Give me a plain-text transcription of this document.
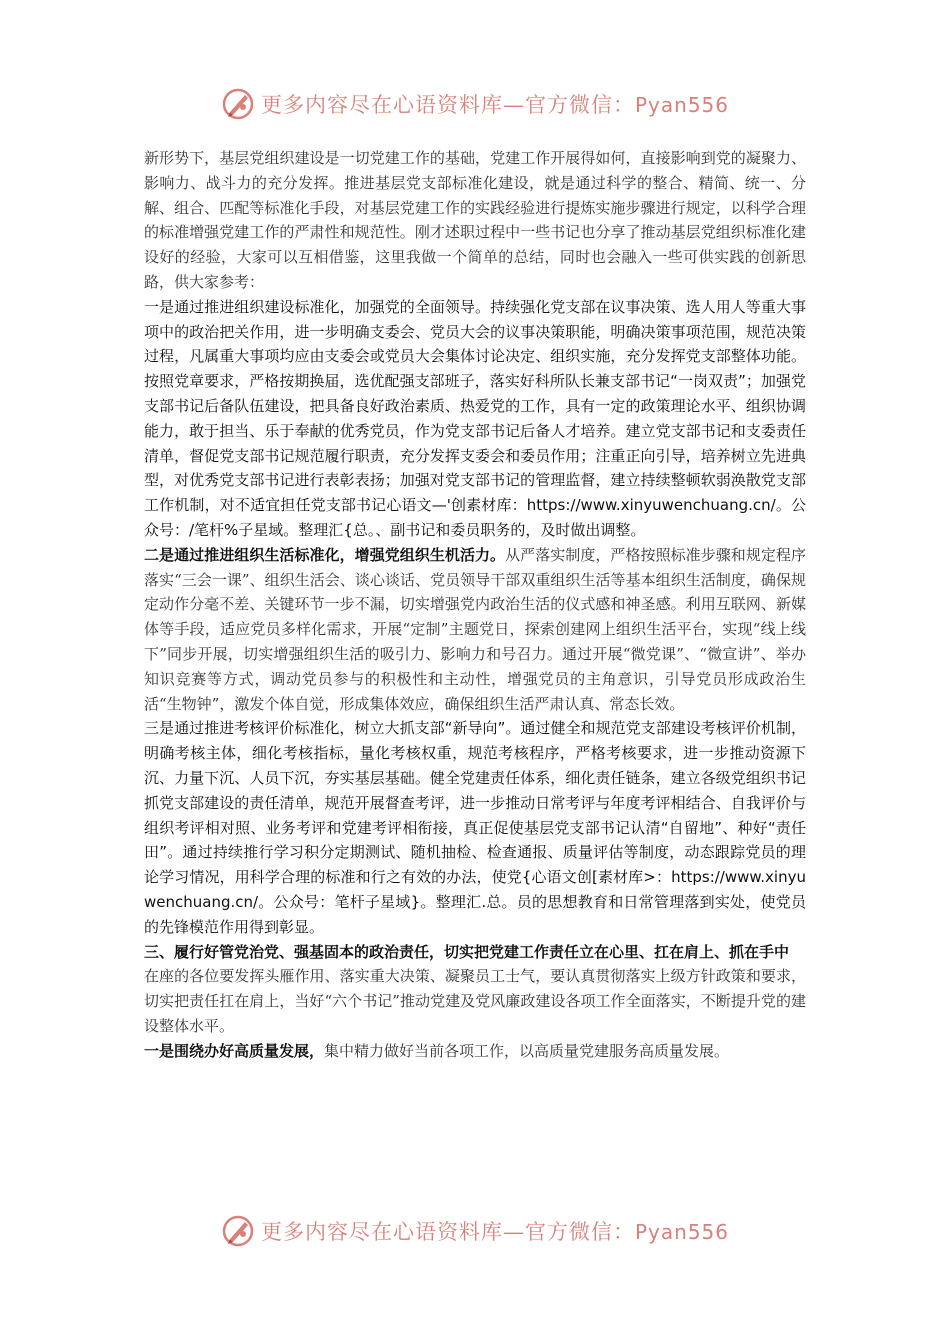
更多内容尽在心语资料库—官方微信：Pyan556

新形势下，基层党组织建设是一切党建工作的基础，党建工作开展得如何，直接影响到党的凝聚力、影响力、战斗力的充分发挥。推进基层党支部标准化建设，就是通过科学的整合、精简、统一、分解、组合、匹配等标准化手段，对基层党建工作的实践经验进行提炼实施步骤进行规定，以科学合理的标准增强党建工作的严肃性和规范性。刚才述职过程中一些书记也分享了推动基层党组织标准化建设好的经验，大家可以互相借鉴，这里我做一个简单的总结，同时也会融入一些可供实践的创新思路，供大家参考：

一是通过推进组织建设标准化，加强党的全面领导。持续强化党支部在议事决策、选人用人等重大事项中的政治把关作用，进一步明确支委会、党员大会的议事决策职能，明确决策事项范围，规范决策过程，凡属重大事项均应由支委会或党员大会集体讨论决定、组织实施，充分发挥党支部整体功能。按照党章要求，严格按期换届，选优配强支部班子，落实好科所队长兼支部书记“一岗双责”；加强党支部书记后备队伍建设，把具备良好政治素质、热爱党的工作，具有一定的政策理论水平、组织协调能力，敢于担当、乐于奉献的优秀党员，作为党支部书记后备人才培养。建立党支部书记和支委责任清单，督促党支部书记规范履行职责，充分发挥支委会和委员作用；注重正向引导，培养树立先进典型，对优秀党支部书记进行表彰表扬；加强对党支部书记的管理监督，建立持续整顿软弱涣散党支部工作机制，对不适宜担任党支部书记心语文—'创素材库：https://www.xinyuwenchuang.cn/。公众号：/笔杆%子星域。整理汇{总。、副书记和委员职务的，及时做出调整。

二是通过推进组织生活标准化，增强党组织生机活力。从严落实制度，严格按照标准步骤和规定程序落实“三会一课”、组织生活会、谈心谈话、党员领导干部双重组织生活等基本组织生活制度，确保规定动作分毫不差、关键环节一步不漏，切实增强党内政治生活的仪式感和神圣感。利用互联网、新媒体等手段，适应党员多样化需求，开展“定制”主题党日，探索创建网上组织生活平台，实现“线上线下”同步开展，切实增强组织生活的吸引力、影响力和号召力。通过开展“微党课”、“微宣讲”、举办知识竞赛等方式，调动党员参与的积极性和主动性，增强党员的主角意识，引导党员形成政治生活“生物钟”，激发个体自觉，形成集体效应，确保组织生活严肃认真、常态长效。

三是通过推进考核评价标准化，树立大抓支部“新导向”。通过健全和规范党支部建设考核评价机制，明确考核主体，细化考核指标，量化考核权重，规范考核程序，严格考核要求，进一步推动资源下沉、力量下沉、人员下沉，夯实基层基础。健全党建责任体系，细化责任链条，建立各级党组织书记抓党支部建设的责任清单，规范开展督查考评，进一步推动日常考评与年度考评相结合、自我评价与组织考评相对照、业务考评和党建考评相衔接，真正促使基层党支部书记认清“自留地”、种好“责任田”。通过持续推行学习积分定期测试、随机抽检、检查通报、质量评估等制度，动态跟踪党员的理论学习情况，用科学合理的标准和行之有效的办法，使党{心语文创[素材库>：https://www.xinyuwenchuang.cn/。公众号：笔杆子星域}。整理汇.总。员的思想教育和日常管理落到实处，使党员的先锋模范作用得到彰显。

三、履行好管党治党、强基固本的政治责任，切实把党建工作责任立在心里、扛在肩上、抓在手中

在座的各位要发挥头雁作用、落实重大决策、凝聚员工士气，要认真贯彻落实上级方针政策和要求，切实把责任扛在肩上，当好“六个书记”推动党建及党风廉政建设各项工作全面落实，不断提升党的建设整体水平。

一是围绕办好高质量发展，集中精力做好当前各项工作，以高质量党建服务高质量发展。

更多内容尽在心语资料库—官方微信：Pyan556
